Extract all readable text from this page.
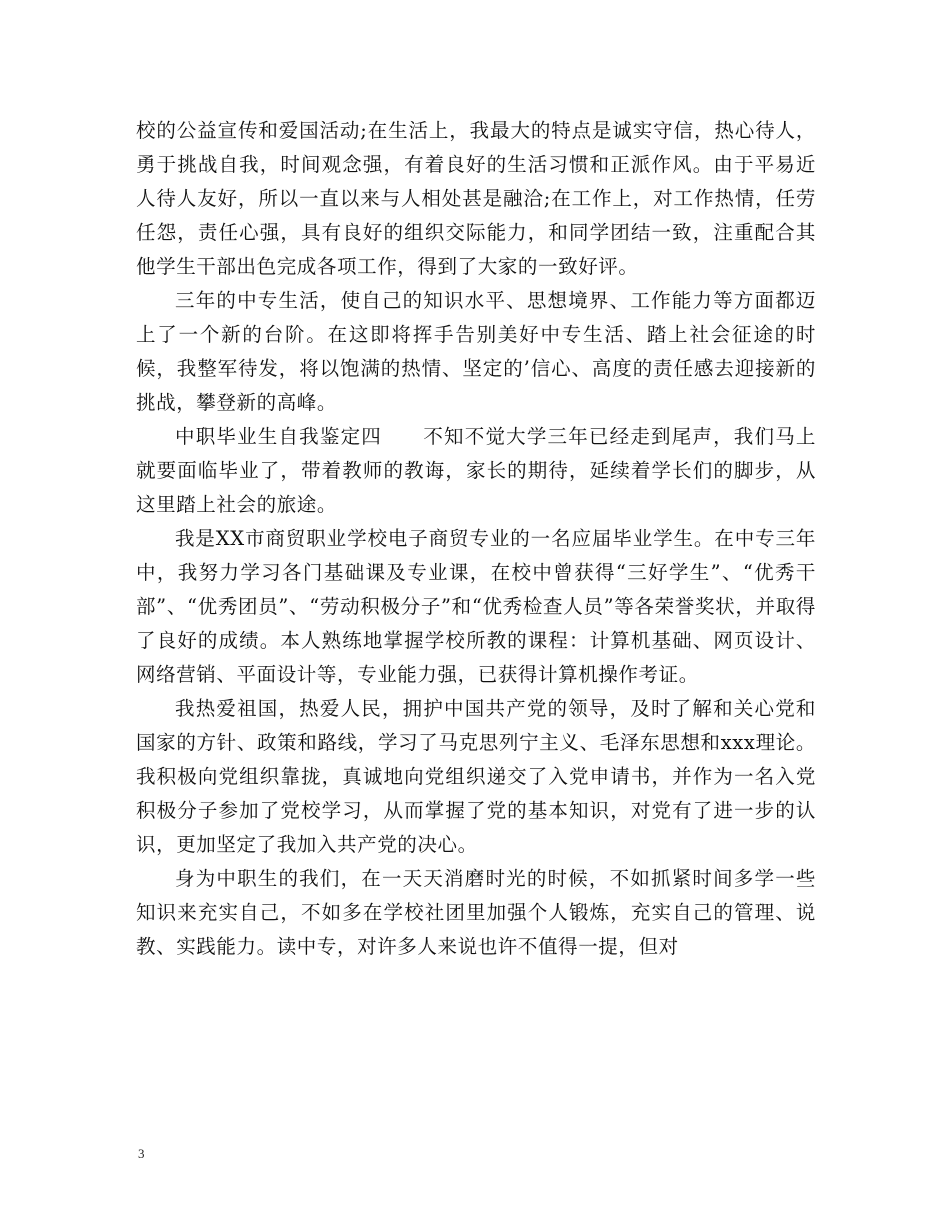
校的公益宣传和爱国活动;在生活上，我最大的特点是诚实守信，热心待人，勇于挑战自我，时间观念强，有着良好的生活习惯和正派作风。由于平易近人待人友好，所以一直以来与人相处甚是融洽;在工作上，对工作热情，任劳任怨，责任心强，具有良好的组织交际能力，和同学团结一致，注重配合其他学生干部出色完成各项工作，得到了大家的一致好评。

三年的中专生活，使自己的知识水平、思想境界、工作能力等方面都迈上了一个新的台阶。在这即将挥手告别美好中专生活、踏上社会征途的时候，我整军待发，将以饱满的热情、坚定的’信心、高度的责任感去迎接新的挑战，攀登新的高峰。

中职毕业生自我鉴定四　　不知不觉大学三年已经走到尾声，我们马上就要面临毕业了，带着教师的教诲，家长的期待，延续着学长们的脚步，从这里踏上社会的旅途。

我是XX市商贸职业学校电子商贸专业的一名应届毕业学生。在中专三年中，我努力学习各门基础课及专业课，在校中曾获得“三好学生”、“优秀干部”、“优秀团员”、“劳动积极分子”和“优秀检查人员”等各荣誉奖状，并取得了良好的成绩。本人熟练地掌握学校所教的课程：计算机基础、网页设计、网络营销、平面设计等，专业能力强，已获得计算机操作考证。

我热爱祖国，热爱人民，拥护中国共产党的领导，及时了解和关心党和国家的方针、政策和路线，学习了马克思列宁主义、毛泽东思想和xxx理论。 我积极向党组织靠拢，真诚地向党组织递交了入党申请书，并作为一名入党积极分子参加了党校学习，从而掌握了党的基本知识，对党有了进一步的认识，更加坚定了我加入共产党的决心。

身为中职生的我们，在一天天消磨时光的时候，不如抓紧时间多学一些知识来充实自己，不如多在学校社团里加强个人锻炼，充实自己的管理、说教、实践能力。读中专，对许多人来说也许不值得一提，但对

3
